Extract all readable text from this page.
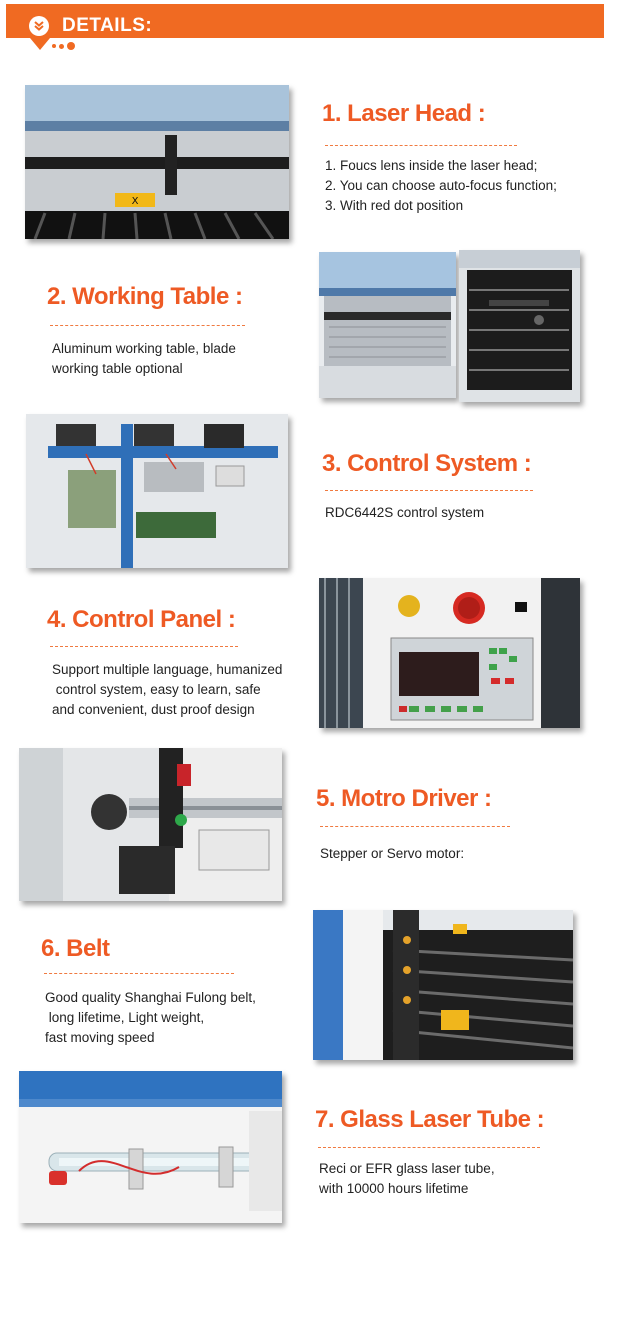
DETAILS:
X
1. Laser Head :
1. Foucs lens inside the laser head;
2. You can choose auto-focus function;
3. With red dot position
2. Working Table :
Aluminum working table, blade
working table optional
3. Control System :
RDC6442S control system
4. Control Panel :
Support multiple language, humanized
control system, easy to learn, safe
and convenient, dust proof design
5. Motro Driver :
Stepper or Servo motor:
6. Belt
Good quality Shanghai Fulong belt,
long lifetime, Light weight,
fast moving speed
7. Glass Laser Tube :
Reci or EFR glass laser tube,
with 10000 hours lifetime
